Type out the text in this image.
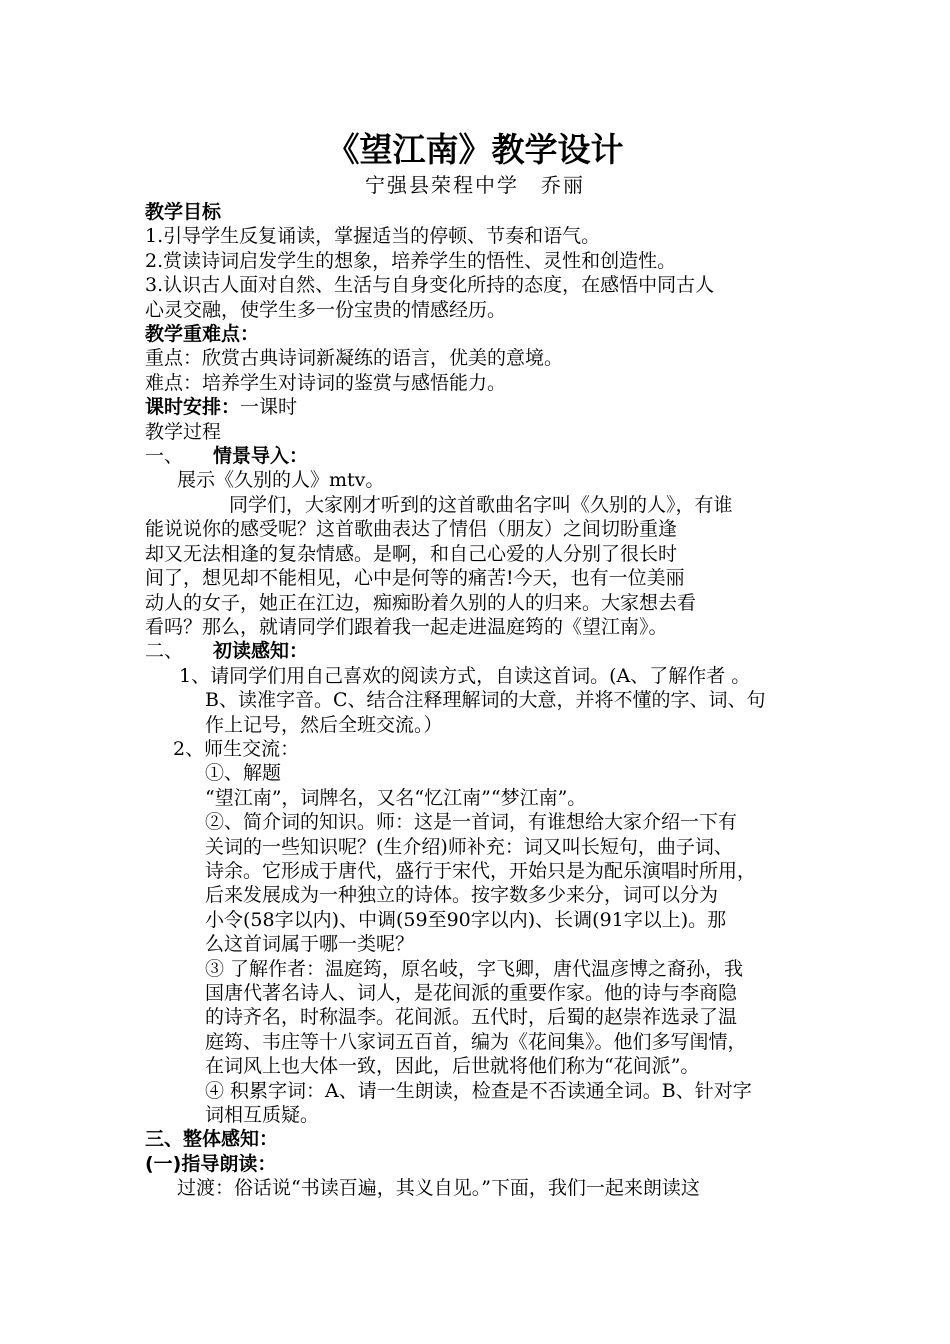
《望江南》教学设计
宁强县荣程中学　乔丽

教学目标

1.引导学生反复诵读，掌握适当的停顿、节奏和语气。

2.赏读诗词启发学生的想象，培养学生的悟性、灵性和创造性。

3.认识古人面对自然、生活与自身变化所持的态度，在感悟中同古人

心灵交融，使学生多一份宝贵的情感经历。

教学重难点：

重点：欣赏古典诗词新凝练的语言，优美的意境。

难点：培养学生对诗词的鉴赏与感悟能力。

课时安排：一课时

教学过程

一、 情景导入：

展示《久别的人》mtv。

同学们，大家刚才听到的这首歌曲名字叫《久别的人》，有谁

能说说你的感受呢？这首歌曲表达了情侣（朋友）之间切盼重逢

却又无法相逢的复杂情感。是啊，和自己心爱的人分别了很长时

间了，想见却不能相见，心中是何等的痛苦!今天，也有一位美丽

动人的女子，她正在江边，痴痴盼着久别的人的归来。大家想去看

看吗？那么，就请同学们跟着我一起走进温庭筠的《望江南》。

二、 初读感知：

1、请同学们用自己喜欢的阅读方式，自读这首词。(A、了解作者 。

B、读准字音。C、结合注释理解词的大意，并将不懂的字、词、句

作上记号，然后全班交流。）

2、师生交流：

①、解题

“望江南”，词牌名，又名“忆江南”“梦江南”。

②、简介词的知识。师：这是一首词，有谁想给大家介绍一下有

关词的一些知识呢？(生介绍)师补充：词又叫长短句，曲子词、

诗余。它形成于唐代，盛行于宋代，开始只是为配乐演唱时所用，

后来发展成为一种独立的诗体。按字数多少来分，词可以分为

小令(58字以内)、中调(59至90字以内)、长调(91字以上)。那

么这首词属于哪一类呢？

③ 了解作者：温庭筠，原名岐，字飞卿，唐代温彦博之裔孙，我

国唐代著名诗人、词人，是花间派的重要作家。他的诗与李商隐

的诗齐名，时称温李。花间派。五代时，后蜀的赵崇祚选录了温

庭筠、韦庄等十八家词五百首，编为《花间集》。他们多写闺情，

在词风上也大体一致，因此，后世就将他们称为“花间派”。

④ 积累字词：A、请一生朗读，检查是不否读通全词。B、针对字

词相互质疑。

三、整体感知：

(一)指导朗读：

过渡：俗话说“书读百遍，其义自见。”下面，我们一起来朗读这
